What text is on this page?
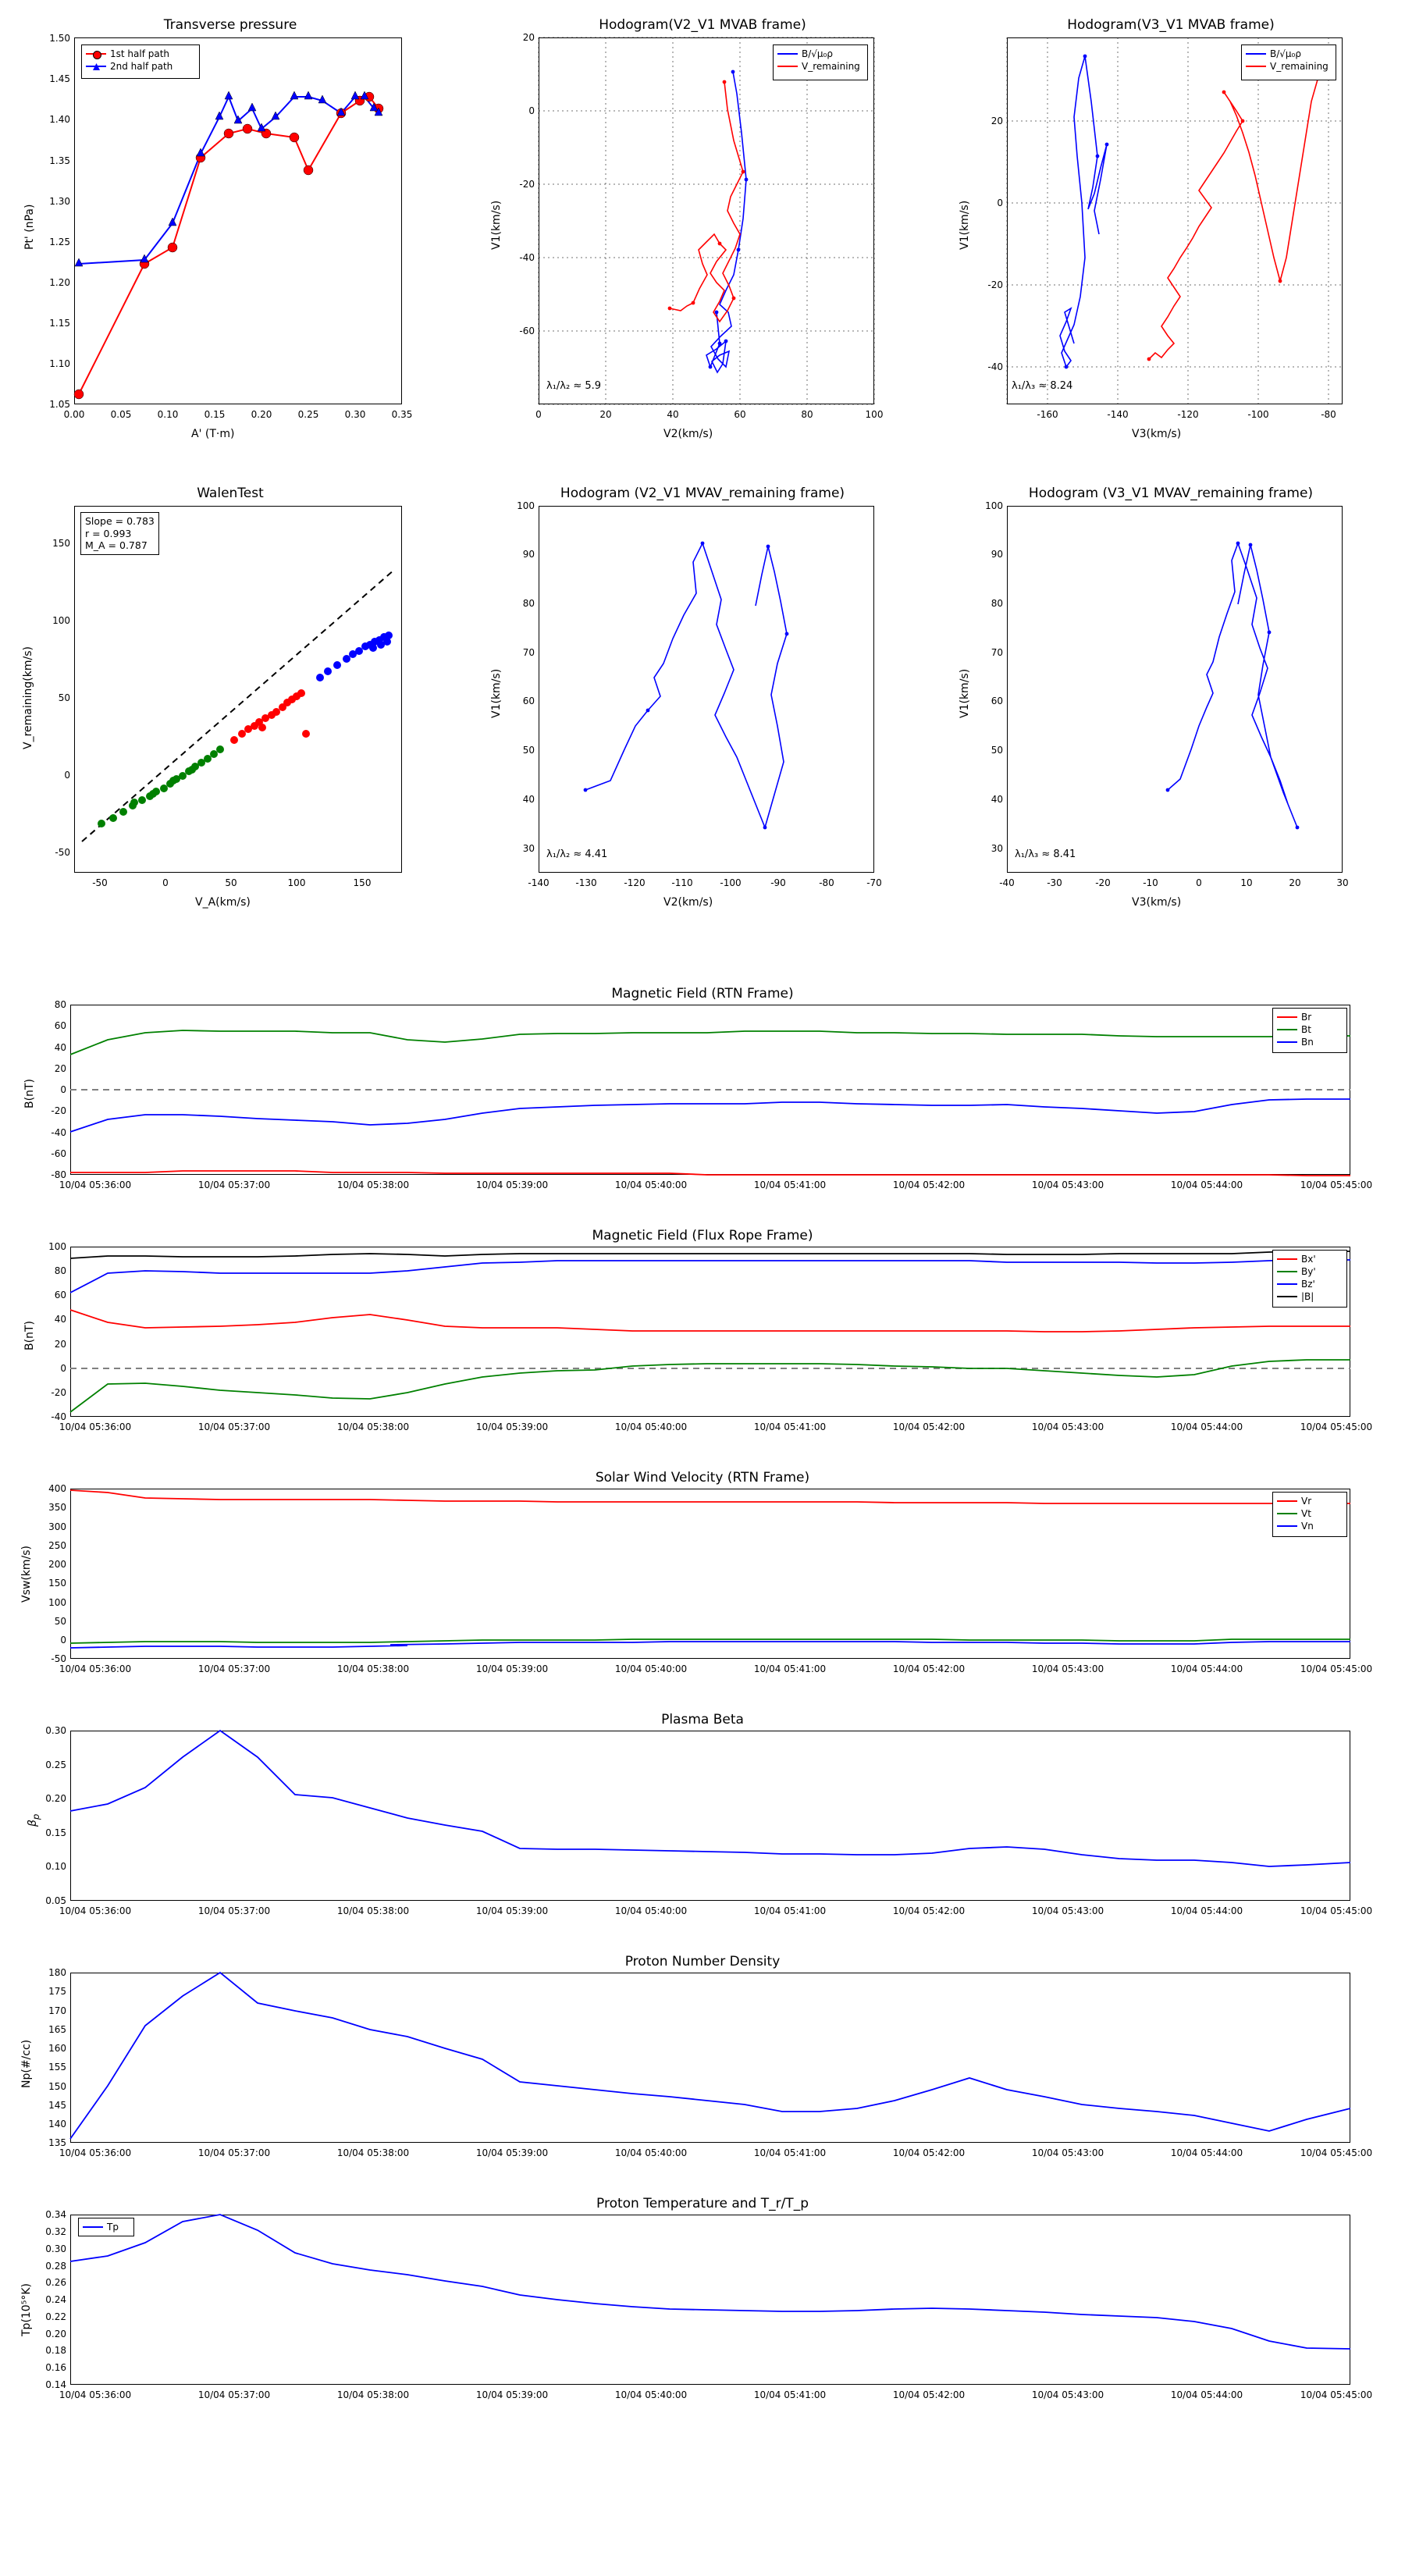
Transverse pressure
1st half path
2nd half path
Pt' (nPa)
A' (T·m)
1.05
1.10
1.15
1.20
1.25
1.30
1.35
1.40
1.45
1.50
0.00	0.05	0.10	0.15	0.20	0.25	0.30	0.35
Hodogram(V2_V1 MVAB frame)
B/√μ₀ρ
V_remaining
λ₁/λ₂ ≈ 5.9
V1(km/s)
V2(km/s)
-60
-40
-20
0
20
0	20	40	60	80	100
Hodogram(V3_V1 MVAB frame)
B/√μ₀ρ
V_remaining
λ₁/λ₃ ≈ 8.24
V1(km/s)
V3(km/s)
-40
-20
0
20
-160	-140	-120	-100	-80
WalenTest
Slope = 0.783
r = 0.993
M_A = 0.787
V_remaining(km/s)
V_A(km/s)
-50
0
50
100
150
-50	0	50	100	150
Hodogram (V2_V1 MVAV_remaining frame)
λ₁/λ₂ ≈ 4.41
V1(km/s)
V2(km/s)
30
40
50
60
70
80
90
100
-140	-130	-120	-110	-100	-90	-80	-70
Hodogram (V3_V1 MVAV_remaining frame)
λ₁/λ₃ ≈ 8.41
V1(km/s)
V3(km/s)
30
40
50
60
70
80
90
100
-40	-30	-20	-10	0	10	20	30
Magnetic Field (RTN Frame)
Br
Bt
Bn
B(nT)
-80
-60
-40
-20
0
20
40
60
80
10/04 05:36:00	10/04 05:37:00	10/04 05:38:00	10/04 05:39:00	10/04 05:40:00	10/04 05:41:00	10/04 05:42:00	10/04 05:43:00	10/04 05:44:00	10/04 05:45:00
Magnetic Field (Flux Rope Frame)
Bx'
By'
Bz'
|B|
B(nT)
-40
-20
0
20
40
60
80
100
10/04 05:36:00	10/04 05:37:00	10/04 05:38:00	10/04 05:39:00	10/04 05:40:00	10/04 05:41:00	10/04 05:42:00	10/04 05:43:00	10/04 05:44:00	10/04 05:45:00
Solar Wind Velocity (RTN Frame)
Vr
Vt
Vn
Vsw(km/s)
-50
0
50
100
150
200
250
300
350
400
10/04 05:36:00	10/04 05:37:00	10/04 05:38:00	10/04 05:39:00	10/04 05:40:00	10/04 05:41:00	10/04 05:42:00	10/04 05:43:00	10/04 05:44:00	10/04 05:45:00
Plasma Beta
$\beta_p$
0.05
0.10
0.15
0.20
0.25
0.30
10/04 05:36:00	10/04 05:37:00	10/04 05:38:00	10/04 05:39:00	10/04 05:40:00	10/04 05:41:00	10/04 05:42:00	10/04 05:43:00	10/04 05:44:00	10/04 05:45:00
Proton Number Density
Np(#/cc)
135
140
145
150
155
160
165
170
175
180
10/04 05:36:00	10/04 05:37:00	10/04 05:38:00	10/04 05:39:00	10/04 05:40:00	10/04 05:41:00	10/04 05:42:00	10/04 05:43:00	10/04 05:44:00	10/04 05:45:00
Proton Temperature and T_r/T_p
Tp
Tp(10⁵°K)
0.14
0.16
0.18
0.20
0.22
0.24
0.26
0.28
0.30
0.32
0.34
10/04 05:36:00	10/04 05:37:00	10/04 05:38:00	10/04 05:39:00	10/04 05:40:00	10/04 05:41:00	10/04 05:42:00	10/04 05:43:00	10/04 05:44:00	10/04 05:45:00
